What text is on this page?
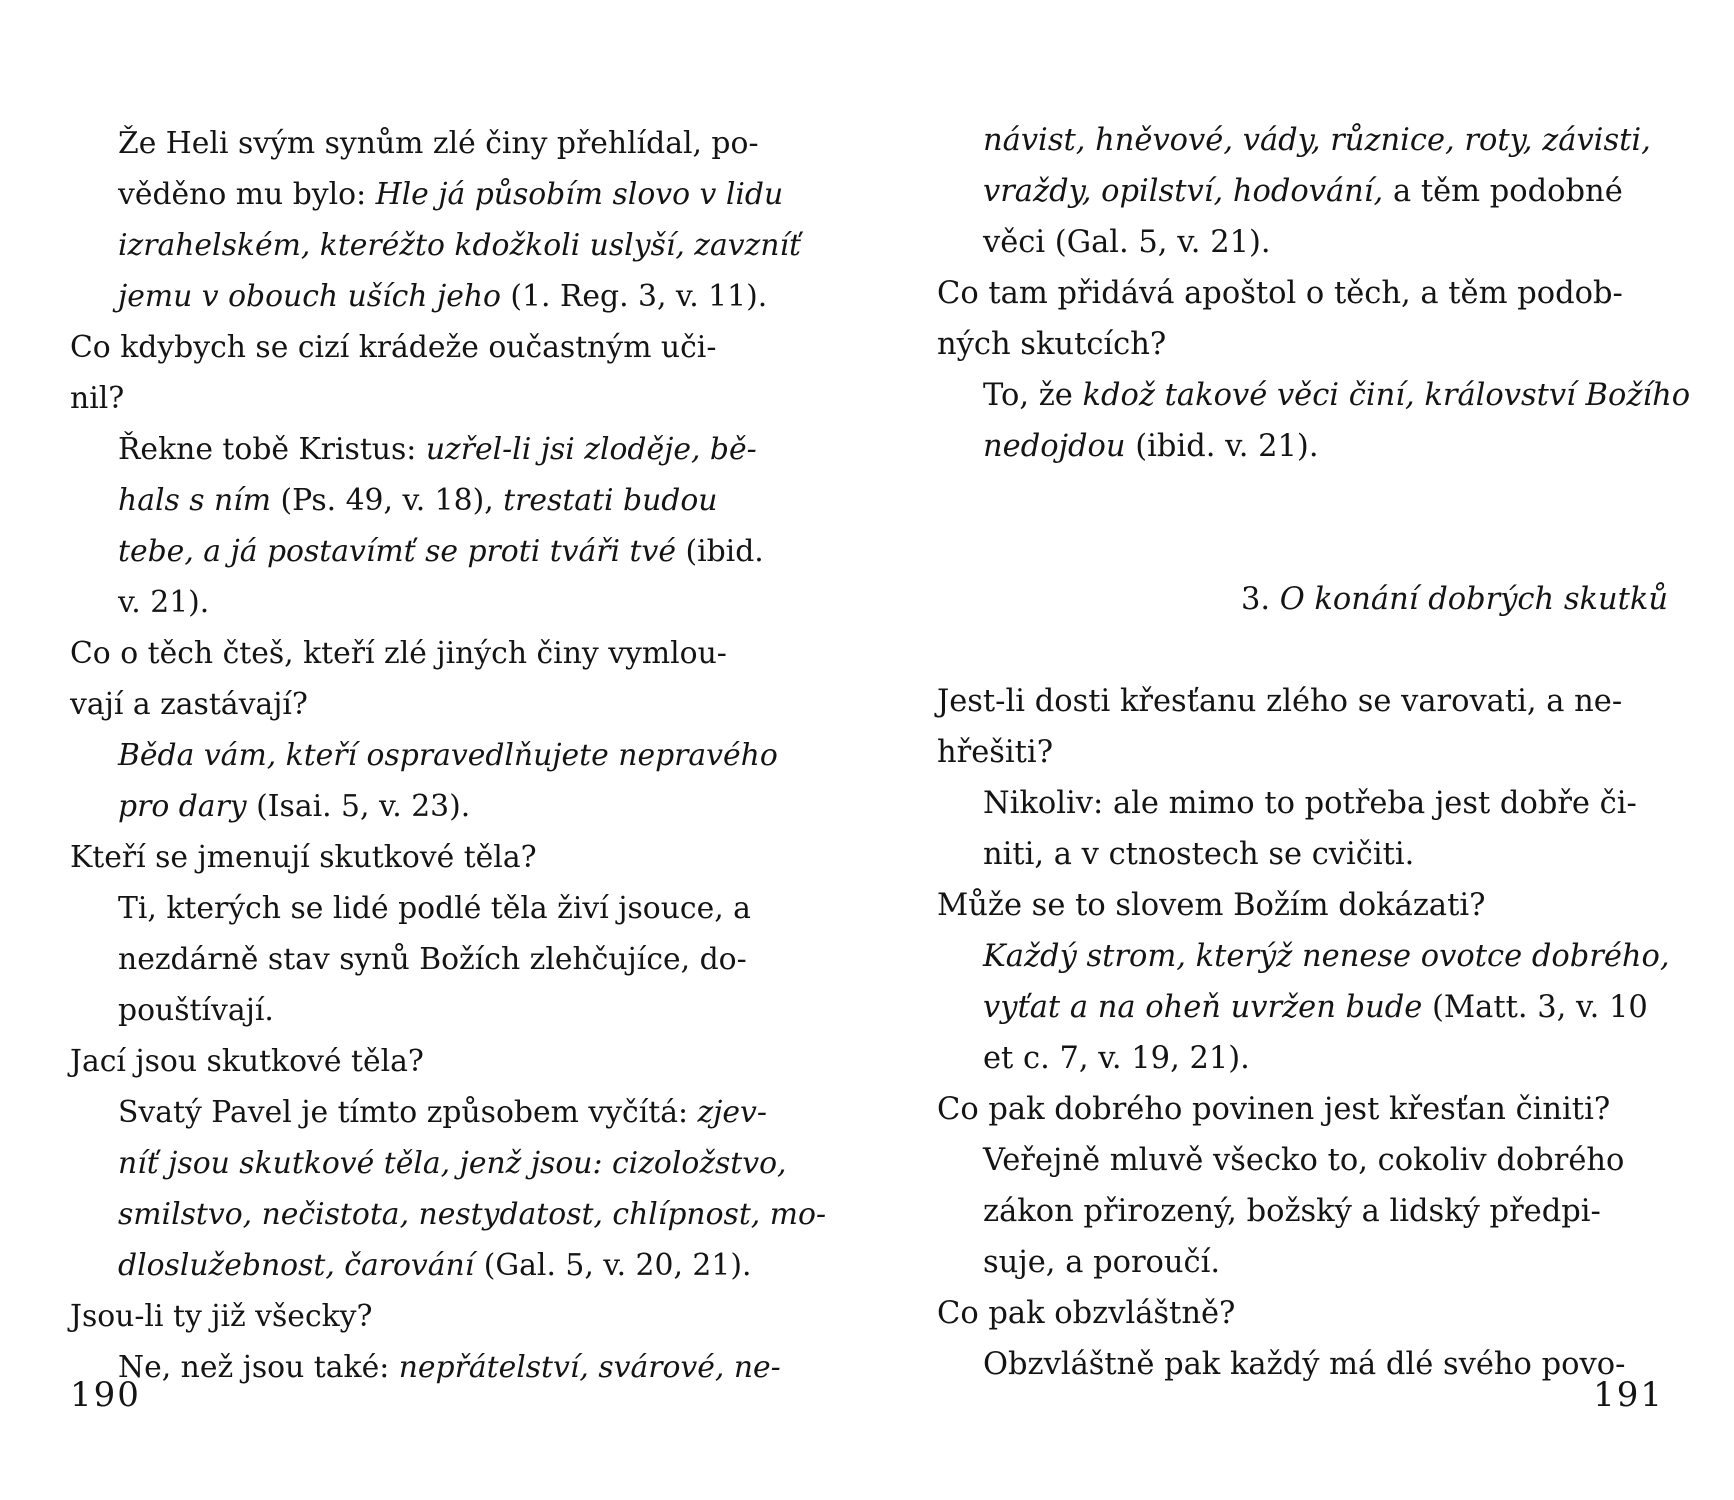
Že Heli svým synům zlé činy přehlídal, po-
věděno mu bylo: Hle já působím slovo v lidu
izrahelském, kteréžto kdožkoli uslyší, zavzníť
jemu v obouch uších jeho (1. Reg. 3, v. 11).
Co kdybych se cizí krádeže oučastným uči-
nil?
Řekne tobě Kristus: uzřel-li jsi zloděje, bě-
hals s ním (Ps. 49, v. 18), trestati budou
tebe, a já postavímť se proti tváři tvé (ibid.
v. 21).
Co o těch čteš, kteří zlé jiných činy vymlou-
vají a zastávají?
Běda vám, kteří ospravedlňujete nepravého
pro dary (Isai. 5, v. 23).
Kteří se jmenují skutkové těla?
Ti, kterých se lidé podlé těla živí jsouce, a
nezdárně stav synů Božích zlehčujíce, do-
pouštívají.
Jací jsou skutkové těla?
Svatý Pavel je tímto způsobem vyčítá: zjev-
níť jsou skutkové těla, jenž jsou: cizoložstvo,
smilstvo, nečistota, nestydatost, chlípnost, mo-
dloslužebnost, čarování (Gal. 5, v. 20, 21).
Jsou-li ty již všecky?
Ne, než jsou také: nepřátelství, svárové, ne-
190
návist, hněvové, vády, různice, roty, závisti,
vraždy, opilství, hodování, a těm podobné
věci (Gal. 5, v. 21).
Co tam přidává apoštol o těch, a těm podob-
ných skutcích?
To, že kdož takové věci činí, království Božího
nedojdou (ibid. v. 21).
3. O konání dobrých skutků
Jest-li dosti křesťanu zlého se varovati, a ne-
hřešiti?
Nikoliv: ale mimo to potřeba jest dobře či-
niti, a v ctnostech se cvičiti.
Může se to slovem Božím dokázati?
Každý strom, kterýž nenese ovotce dobrého,
vyťat a na oheň uvržen bude (Matt. 3, v. 10
et c. 7, v. 19, 21).
Co pak dobrého povinen jest křesťan činiti?
Veřejně mluvě všecko to, cokoliv dobrého
zákon přirozený, božský a lidský předpi-
suje, a poroučí.
Co pak obzvláštně?
Obzvláštně pak každý má dlé svého povo-
191
